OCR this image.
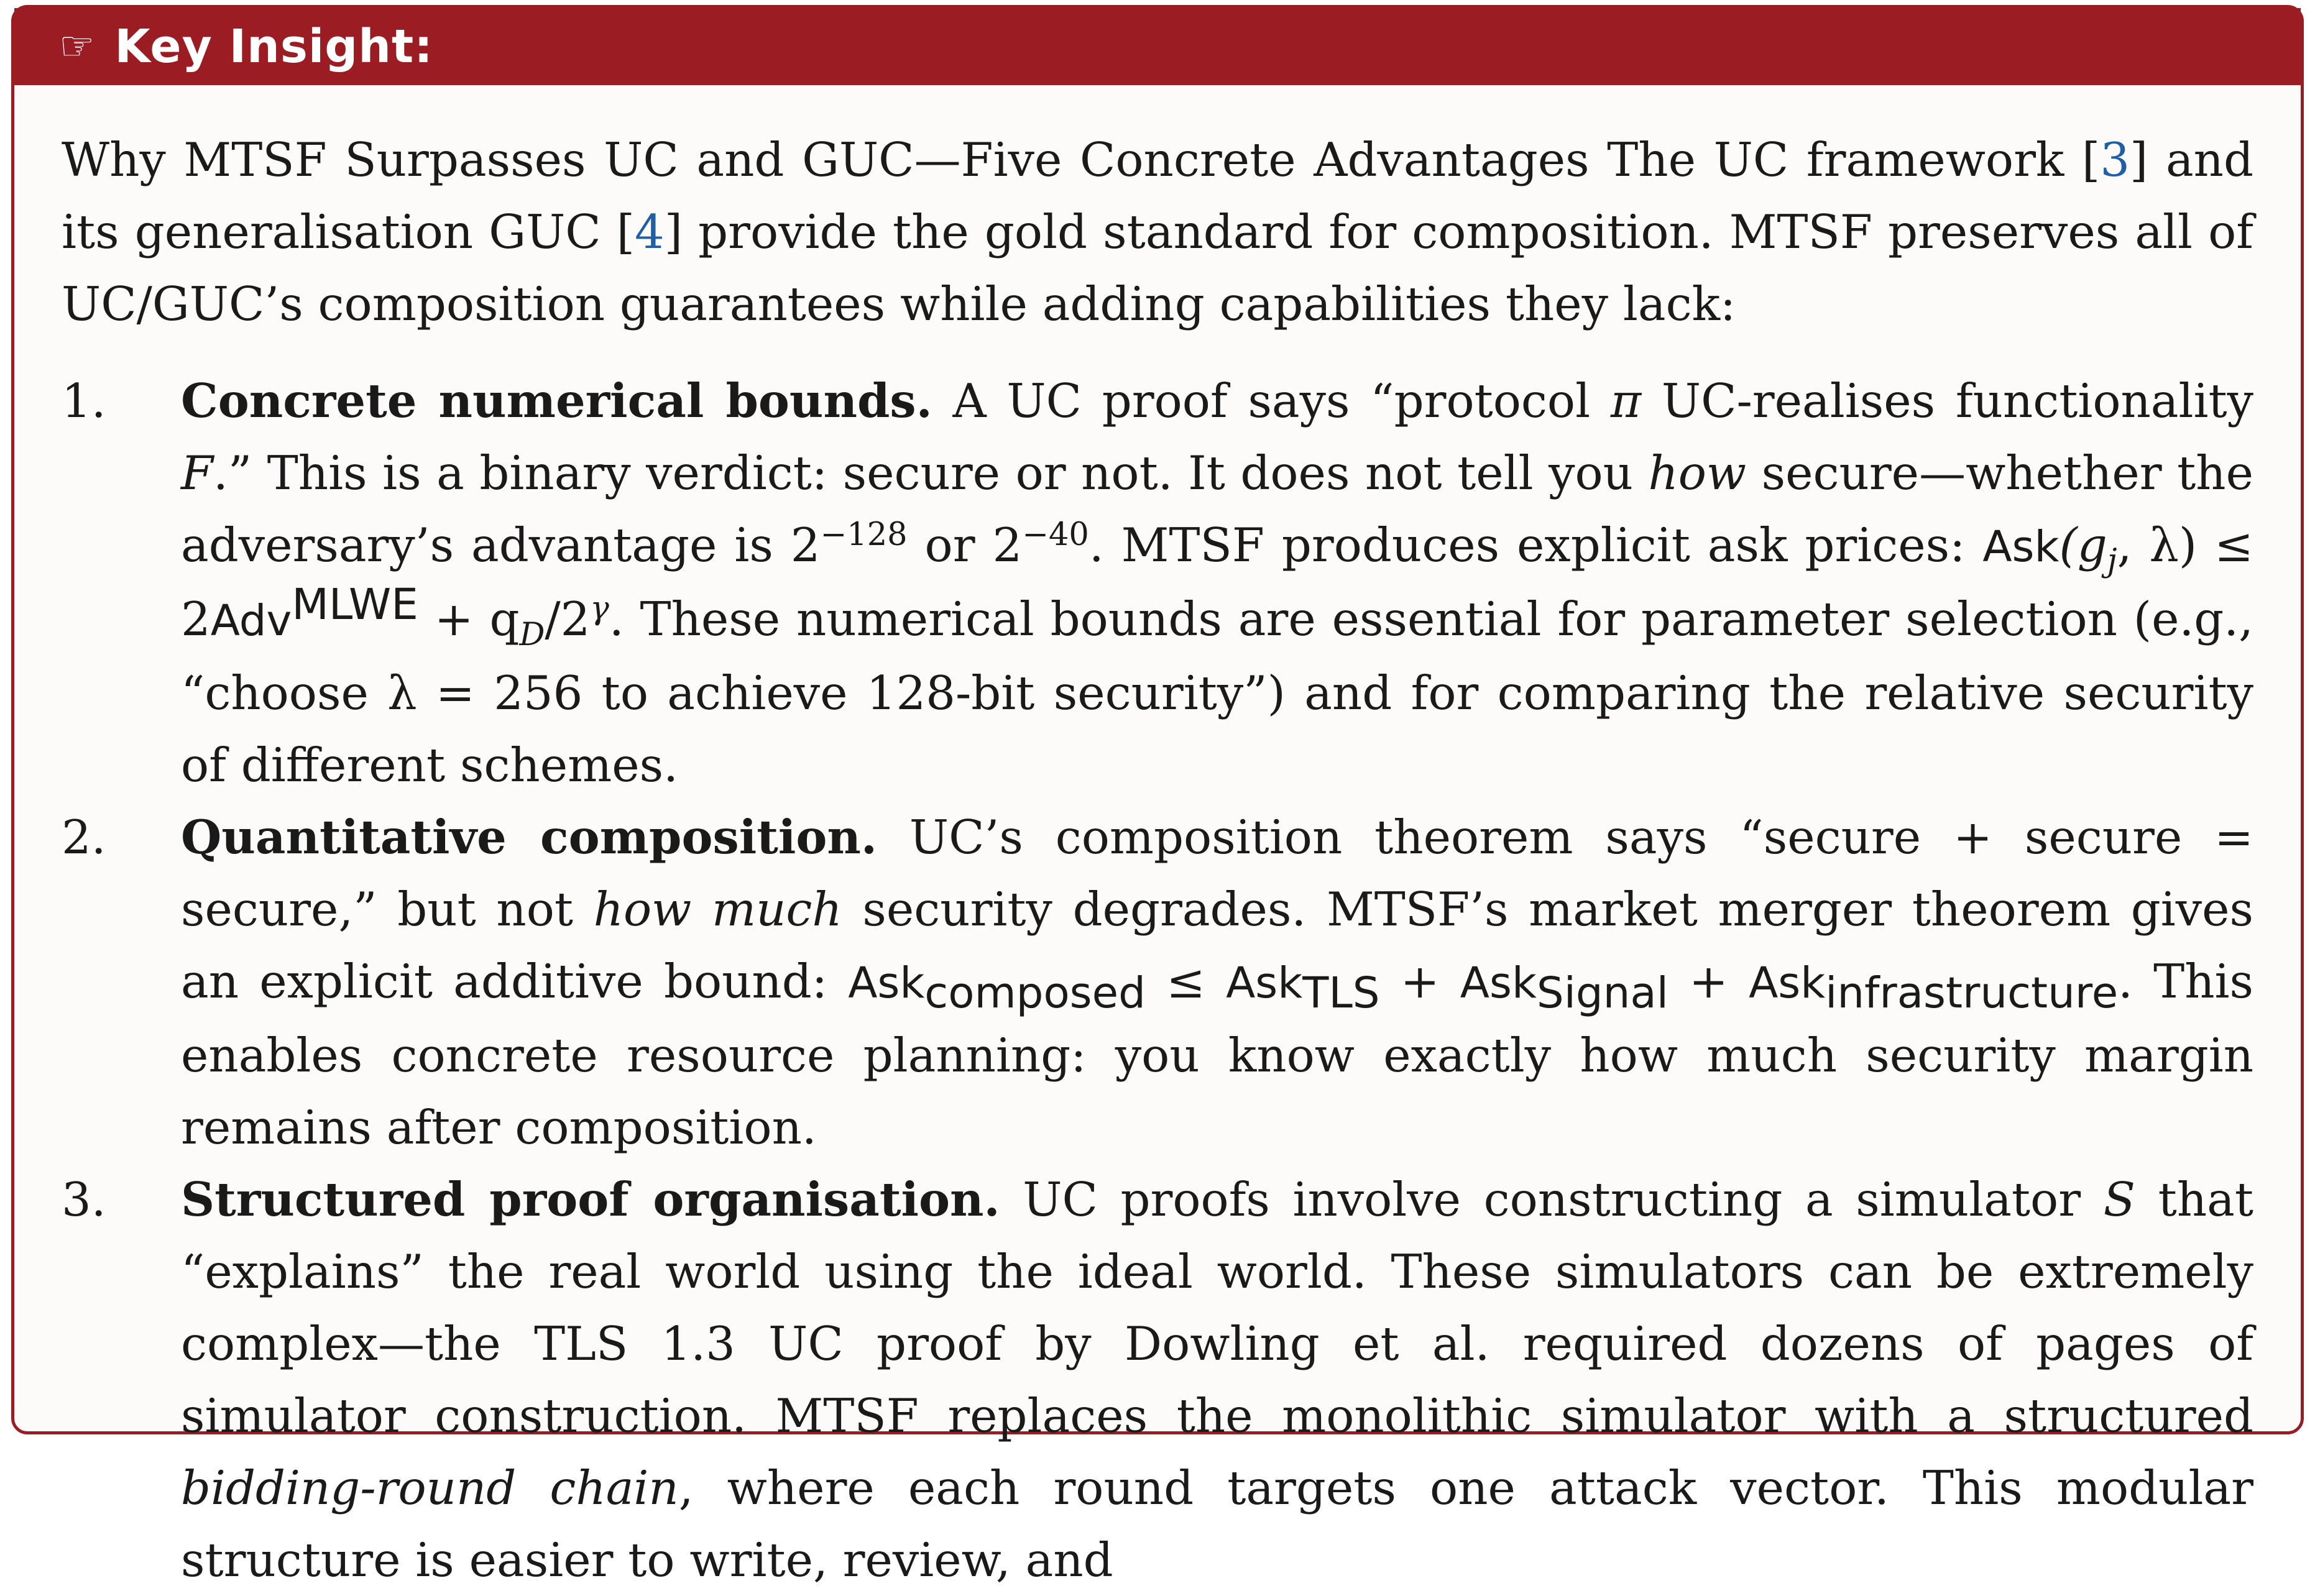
☞ Key Insight:

Why MTSF Surpasses UC and GUC—Five Concrete Advantages The UC framework [3] and its generalisation GUC [4] provide the gold standard for composition. MTSF preserves all of UC/GUC’s composition guarantees while adding capabilities they lack:

1. Concrete numerical bounds. A UC proof says “protocol π UC-realises functionality F.” This is a binary verdict: secure or not. It does not tell you how secure—whether the adversary’s advantage is $2^{-128}$ or $2^{-40}$. MTSF produces explicit ask prices: $Ask(g_j$, $\lambda) \le 2Adv^{MLWE} + q_D/2^\gamma$. These numerical bounds are essential for parameter selection (e.g., “choose λ = 256 to achieve 128-bit security”) and for comparing the relative security of different schemes.
2. Quantitative composition. UC’s composition theorem says “secure + secure = secure,” but not how much security degrades. MTSF’s market merger theorem gives an explicit additive bound: Ask$_{composed}$ ≤ Ask$_{TLS}$ + Ask$_{Signal}$ + Ask$_{infrastructure}$. This enables concrete resource planning: you know exactly how much security margin remains after composition.
3. Structured proof organisation. UC proofs involve constructing a simulator S that “explains” the real world using the ideal world. These simulators can be extremely complex—the TLS 1.3 UC proof by Dowling et al. required dozens of pages of simulator construction. MTSF replaces the monolithic simulator with a structured bidding-round chain, where each round targets one attack vector. This modular structure is easier to write, review, and
